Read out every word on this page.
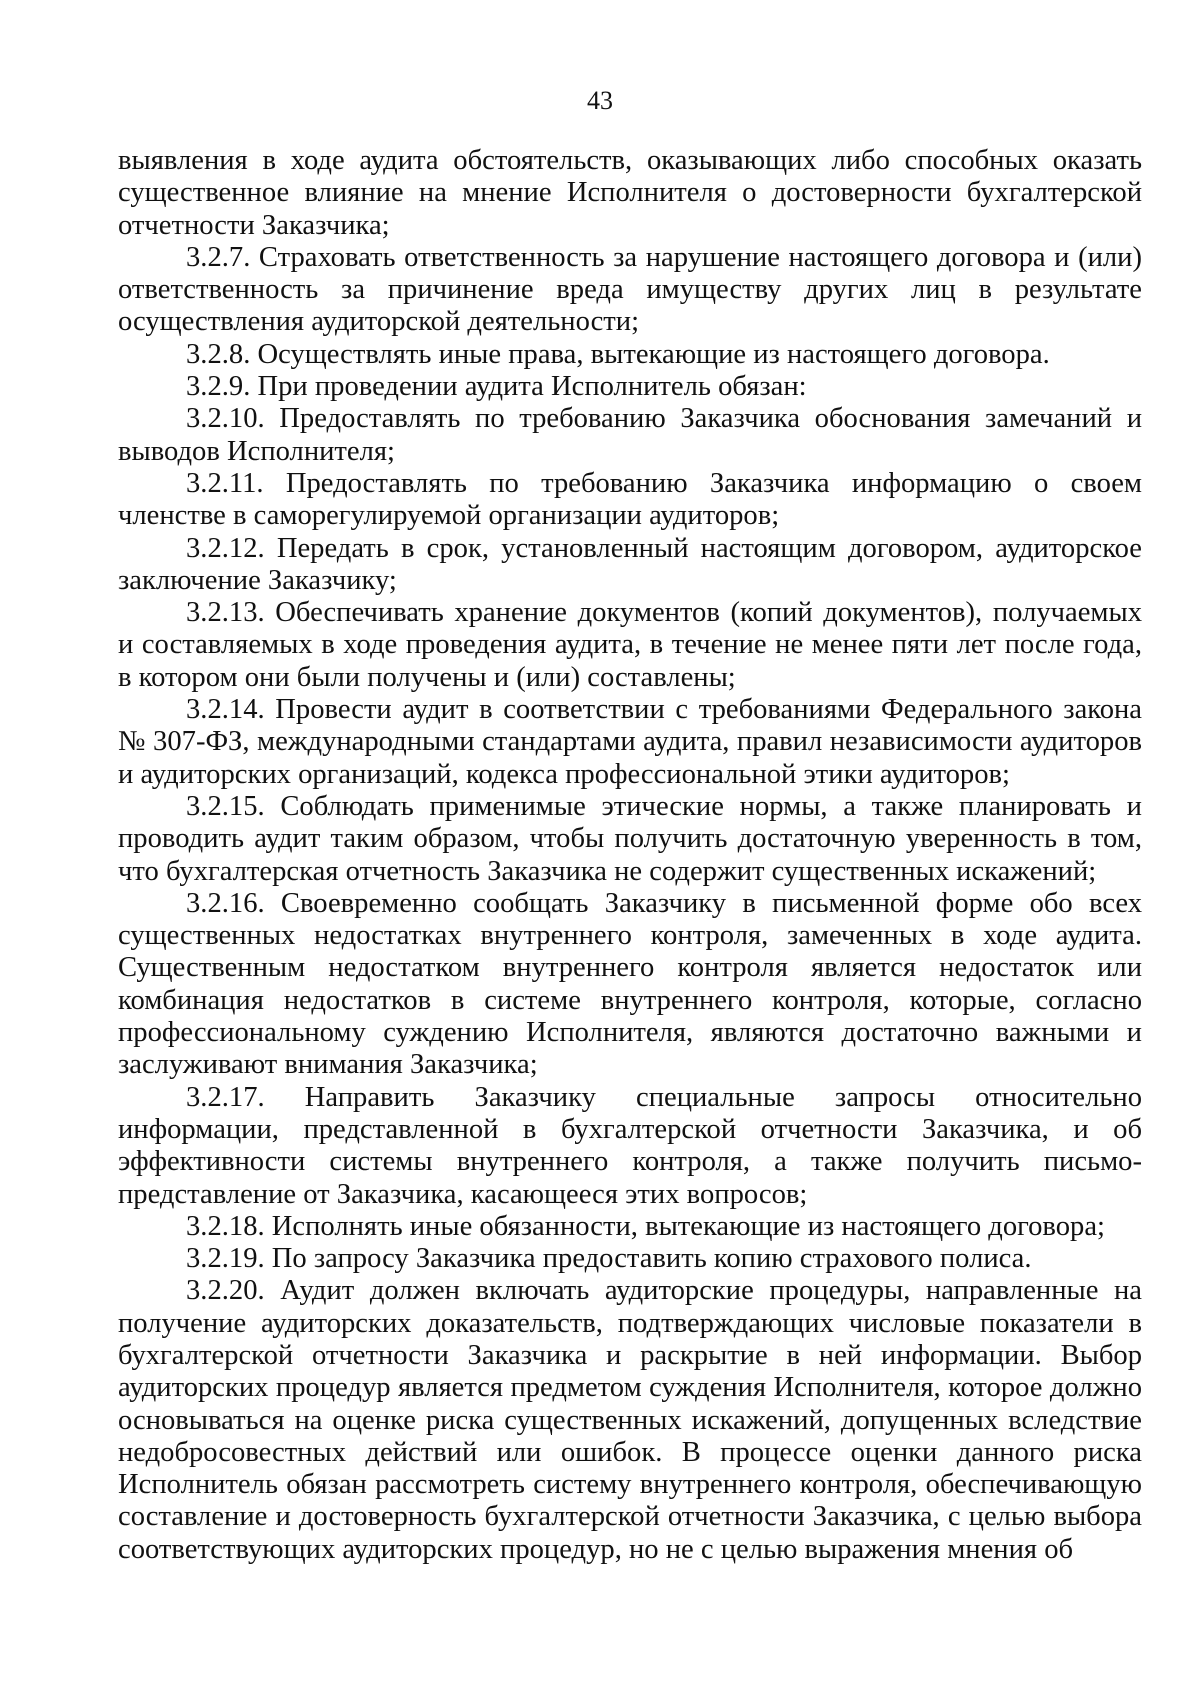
43

выявления в ходе аудита обстоятельств, оказывающих либо способных оказать существенное влияние на мнение Исполнителя о достоверности бухгалтерской отчетности Заказчика;

3.2.7. Страховать ответственность за нарушение настоящего договора и (или) ответственность за причинение вреда имуществу других лиц в результате осуществления аудиторской деятельности;

3.2.8. Осуществлять иные права, вытекающие из настоящего договора.

3.2.9. При проведении аудита Исполнитель обязан:

3.2.10. Предоставлять по требованию Заказчика обоснования замечаний и выводов Исполнителя;

3.2.11. Предоставлять по требованию Заказчика информацию о своем членстве в саморегулируемой организации аудиторов;

3.2.12. Передать в срок, установленный настоящим договором, аудиторское заключение Заказчику;

3.2.13. Обеспечивать хранение документов (копий документов), получаемых и составляемых в ходе проведения аудита, в течение не менее пяти лет после года, в котором они были получены и (или) составлены;

3.2.14. Провести аудит в соответствии с требованиями Федерального закона № 307-ФЗ, международными стандартами аудита, правил независимости аудиторов и аудиторских организаций, кодекса профессиональной этики аудиторов;

3.2.15. Соблюдать применимые этические нормы, а также планировать и проводить аудит таким образом, чтобы получить достаточную уверенность в том, что бухгалтерская отчетность Заказчика не содержит существенных искажений;

3.2.16. Своевременно сообщать Заказчику в письменной форме обо всех существенных недостатках внутреннего контроля, замеченных в ходе аудита. Существенным недостатком внутреннего контроля является недостаток или комбинация недостатков в системе внутреннего контроля, которые, согласно профессиональному суждению Исполнителя, являются достаточно важными и заслуживают внимания Заказчика;

3.2.17. Направить Заказчику специальные запросы относительно информации, представленной в бухгалтерской отчетности Заказчика, и об эффективности системы внутреннего контроля, а также получить письмо-представление от Заказчика, касающееся этих вопросов;

3.2.18. Исполнять иные обязанности, вытекающие из настоящего договора;

3.2.19. По запросу Заказчика предоставить копию страхового полиса.

3.2.20. Аудит должен включать аудиторские процедуры, направленные на получение аудиторских доказательств, подтверждающих числовые показатели в бухгалтерской отчетности Заказчика и раскрытие в ней информации. Выбор аудиторских процедур является предметом суждения Исполнителя, которое должно основываться на оценке риска существенных искажений, допущенных вследствие недобросовестных действий или ошибок. В процессе оценки данного риска Исполнитель обязан рассмотреть систему внутреннего контроля, обеспечивающую составление и достоверность бухгалтерской отчетности Заказчика, с целью выбора соответствующих аудиторских процедур, но не с целью выражения мнения об
